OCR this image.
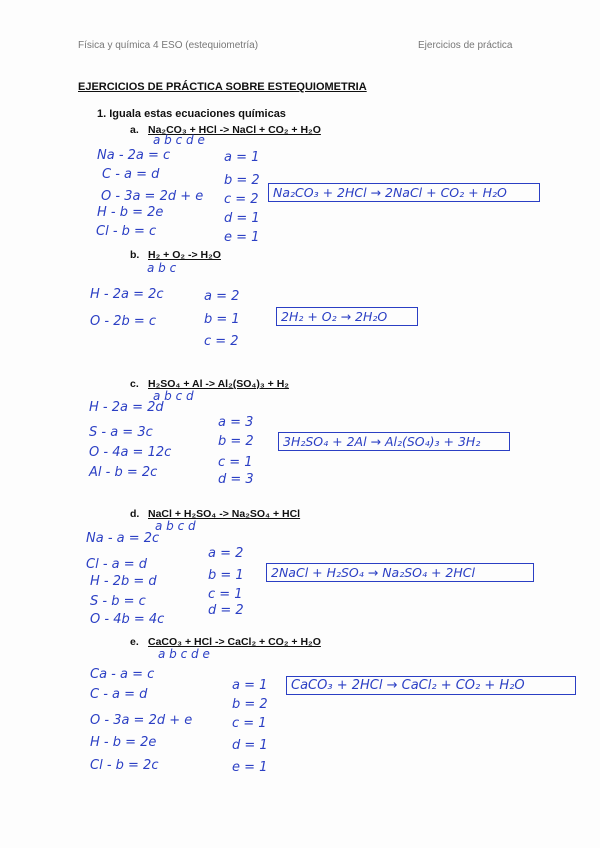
Física y química 4 ESO (estequiometría)	Ejercicios de práctica
EJERCICIOS DE PRÁCTICA SOBRE ESTEQUIOMETRIA
1. Iguala estas ecuaciones químicas
a. Na₂CO₃ + HCl -> NaCl + CO₂ + H₂O
a b c d e
Na - 2a = c
C - a = d
O - 3a = 2d + e
H - b = 2e
Cl - b = c
a = 1
b = 2
c = 2
d = 1
e = 1
Na₂CO₃ + 2HCl → 2NaCl + CO₂ + H₂O
b. H₂ + O₂ -> H₂O
a b c
H - 2a = 2c
O - 2b = c
a = 2
b = 1
c = 2
2H₂ + O₂ → 2H₂O
c. H₂SO₄ + Al -> Al₂(SO₄)₃ + H₂
a b c d
H - 2a = 2d
S - a = 3c
O - 4a = 12c
Al - b = 2c
a = 3
b = 2
c = 1
d = 3
3H₂SO₄ + 2Al → Al₂(SO₄)₃ + 3H₂
d. NaCl + H₂SO₄ -> Na₂SO₄ + HCl
a b c d
Na - a = 2c
Cl - a = d
H - 2b = d
S - b = c
O - 4b = 4c
a = 2
b = 1
c = 1
d = 2
2NaCl + H₂SO₄ → Na₂SO₄ + 2HCl
e. CaCO₃ + HCl -> CaCl₂ + CO₂ + H₂O
a b c d e
Ca - a = c
C - a = d
O - 3a = 2d + e
H - b = 2e
Cl - b = 2c
a = 1
b = 2
c = 1
d = 1
e = 1
CaCO₃ + 2HCl → CaCl₂ + CO₂ + H₂O
